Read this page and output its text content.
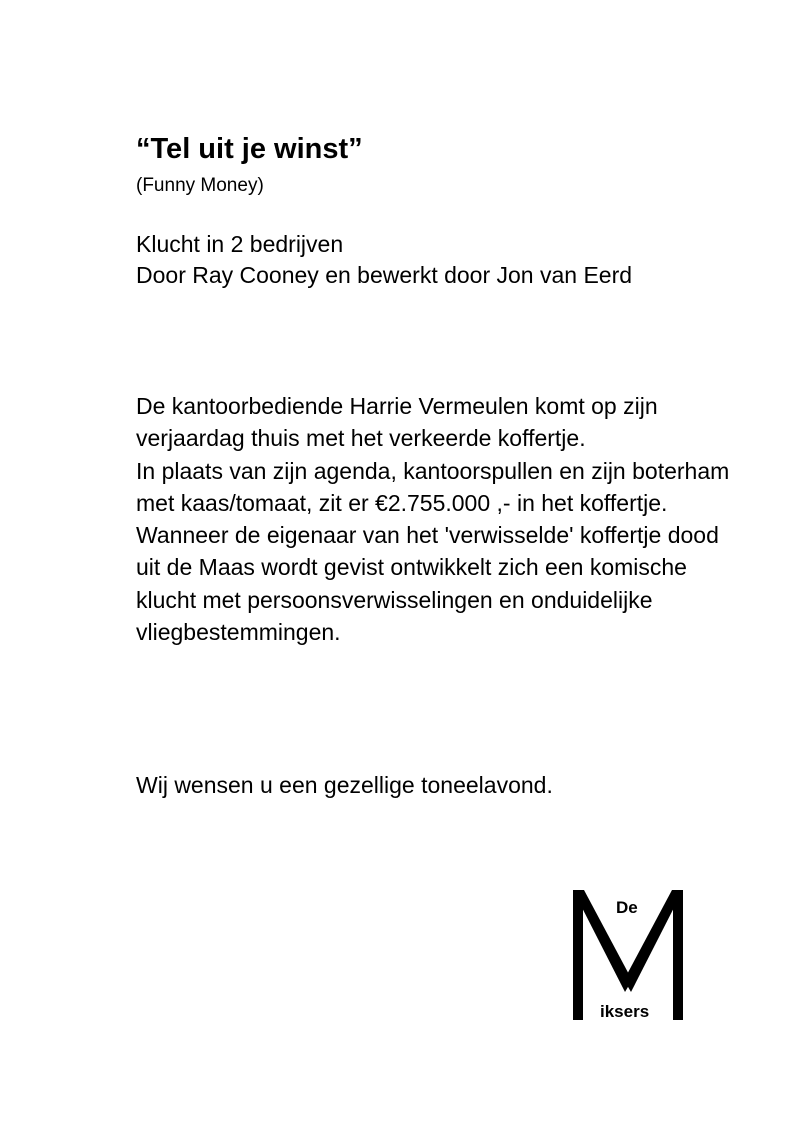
“Tel uit je winst”

(Funny Money)

Klucht in 2 bedrijven
Door Ray Cooney en bewerkt door Jon van Eerd
De kantoorbediende Harrie Vermeulen komt op zijn
verjaardag thuis met het verkeerde koffertje.
In plaats van zijn agenda, kantoorspullen en zijn boterham
met kaas/tomaat, zit er €2.755.000 ,- in het koffertje.
Wanneer de eigenaar van het 'verwisselde' koffertje dood
uit de Maas wordt gevist ontwikkelt zich een komische
klucht met persoonsverwisselingen en onduidelijke
vliegbestemmingen.

Wij wensen u een gezellige toneelavond.

De
iksers
